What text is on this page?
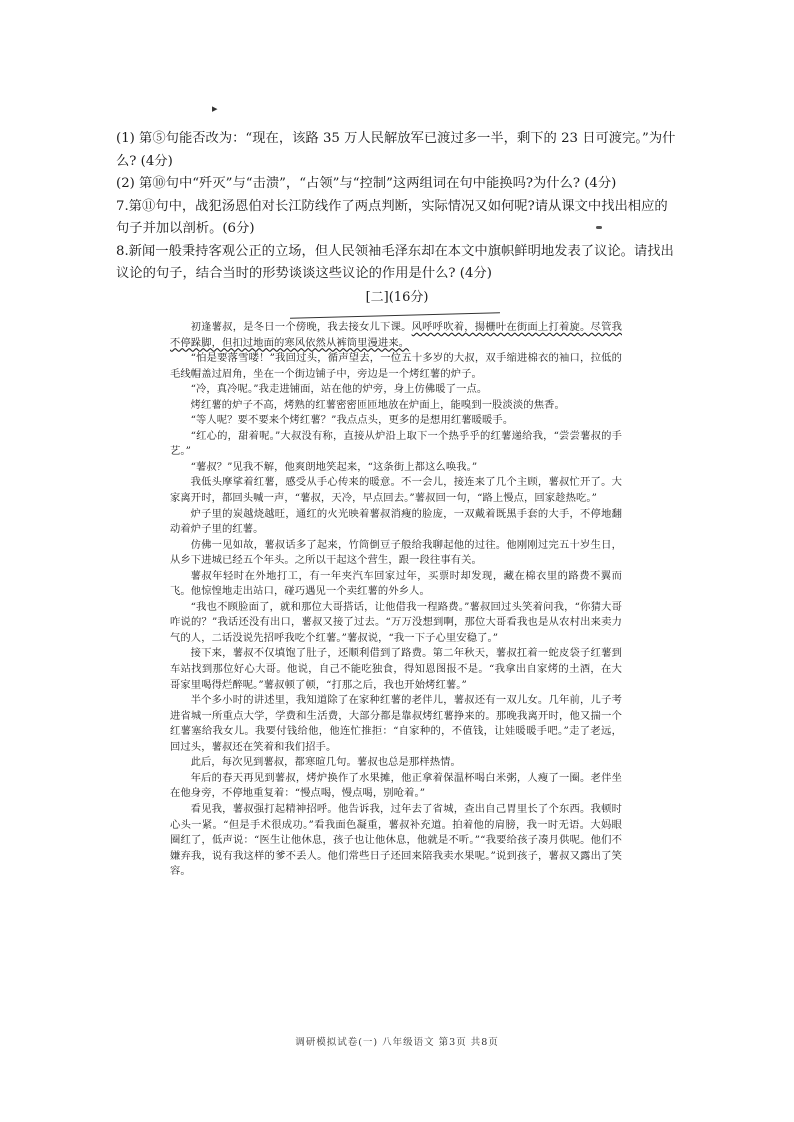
▸

(1) 第⑤句能否改为：“现在，该路 35 万人民解放军已渡过多一半，剩下的 23 日可渡完。”为什么? (4分)

(2) 第⑩句中“歼灭”与“击溃”，“占领”与“控制”这两组词在句中能换吗?为什么? (4分)

7.第⑪句中，战犯汤恩伯对长江防线作了两点判断，实际情况又如何呢?请从课文中找出相应的句子并加以剖析。(6分)

8.新闻一般秉持客观公正的立场，但人民领袖毛泽东却在本文中旗帜鲜明地发表了议论。请找出议论的句子，结合当时的形势谈谈这些议论的作用是什么? (4分)

[二](16分)

初逢薯叔，是冬日一个傍晚，我去接女儿下课。风呼呼吹着，揚栅叶在街面上打着旋。尽管我不停跺脚，但扣过地面的寒风依然从裤筒里漫进来。

“怕是要落雪喽！”我回过头，循声望去，一位五十多岁的大叔，双手缩进棉衣的袖口，拉低的毛线帽盖过眉角，坐在一个街边铺子中，旁边是一个烤红薯的炉子。

“冷，真冷呢。”我走进铺面，站在他的炉旁，身上仿佛暖了一点。

烤红薯的炉子不高，烤熟的红薯密密匝匝地放在炉面上，能嗅到一股淡淡的焦香。

“等人呢？要不要来个烤红薯？”我点点头，更多的是想用红薯暖暖手。

“红心的，甜着呢。”大叔没有称，直接从炉沿上取下一个热乎乎的红薯递给我，“尝尝薯叔的手艺。”

“薯叔？”见我不解，他爽朗地笑起来，“这条街上都这么唤我。”

我低头摩挲着红薯，感受从手心传来的暖意。不一会儿，接连来了几个主顾，薯叔忙开了。大家离开时，都回头喊一声，“薯叔，天冷，早点回去。”薯叔回一句，“路上慢点，回家趁热吃。”

炉子里的炭越烧越旺，通红的火光映着薯叔消瘦的脸庞，一双戴着既黑手套的大手，不停地翻动着炉子里的红薯。

仿佛一见如故，薯叔话多了起来，竹筒倒豆子般给我聊起他的过往。他刚刚过完五十岁生日，从乡下进城已经五个年头。之所以干起这个营生，跟一段往事有关。

薯叔年轻时在外地打工，有一年夹汽车回家过年，买票时却发现，藏在棉衣里的路费不翼而飞。他惊惶地走出站口，碰巧遇见一个卖红薯的外乡人。

“我也不顾脸面了，就和那位大哥搭话，让他借我一程路费。”薯叔回过头笑着问我，“你猜大哥咋说的？”我话还没有出口，薯叔又接了过去。“万万没想到啊，那位大哥看我也是从农村出来卖力气的人，二话没说先招呼我吃个红薯。”薯叔说，“我一下子心里安稳了。”

接下来，薯叔不仅填饱了肚子，还顺利借到了路费。第二年秋天，薯叔扛着一蛇皮袋子红薯到车站找到那位好心大哥。他说，自己不能吃独食，得知恩图报不是。“我拿出自家烤的土酒，在大哥家里喝得烂醉呢。”薯叔顿了顿，“打那之后，我也开始烤红薯。”

半个多小时的讲述里，我知道除了在家种红薯的老伴儿，薯叔还有一双儿女。几年前，儿子考进省城一所重点大学，学费和生活费，大部分都是靠叔烤红薯挣来的。那晚我离开时，他又揣一个红薯塞给我女儿。我要付钱给他，他连忙推拒：“自家种的，不值钱，让娃暖暖手吧。”走了老远，回过头，薯叔还在笑着和我们招手。

此后，每次见到薯叔，都寒暄几句。薯叔也总是那样热情。

年后的春天再见到薯叔，烤炉换作了水果摊，他正拿着保温杯喝白米粥，人瘦了一圈。老伴坐在他身旁，不停地重复着：“慢点喝，慢点喝，别呛着。”

看见我，薯叔强打起精神招呼。他告诉我，过年去了省城，查出自己胃里长了个东西。我顿时心头一紧。“但是手术很成功。”看我面色凝重，薯叔补充道。拍着他的肩膀，我一时无语。大妈眼圈红了，低声说：“医生让他休息，孩子也让他休息，他就是不听。”“我要给孩子凑月供呢。他们不嫌弃我，说有我这样的爹不丢人。他们常些日子还回来陪我卖水果呢。”说到孩子，薯叔又露出了笑容。

调研模拟试卷(一) 八年级语文 第3页 共8页
